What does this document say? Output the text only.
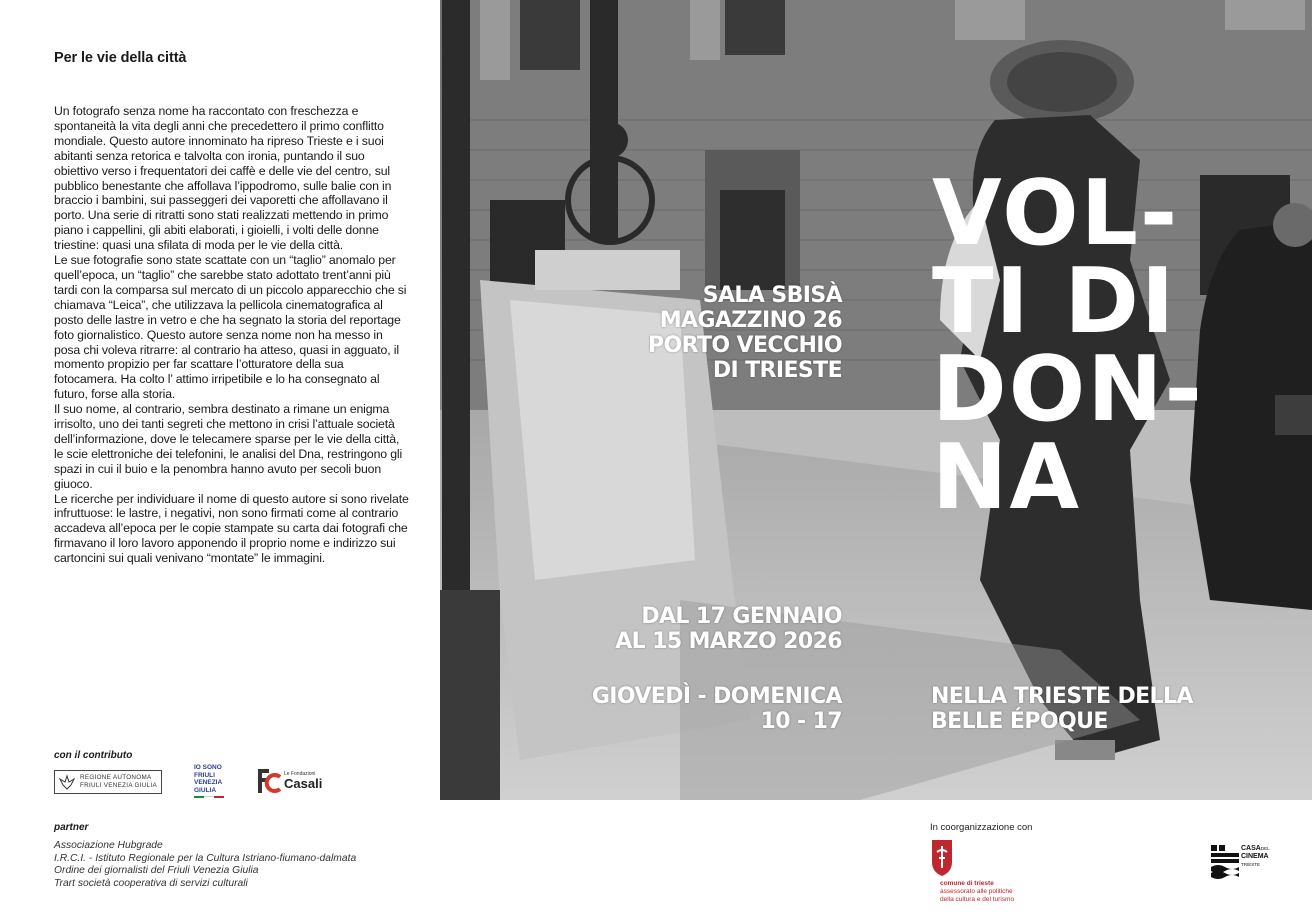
Per le vie della città

Un fotografo senza nome ha raccontato con freschezza e spontaneità la vita degli anni che precedettero il primo conflitto mondiale. Questo autore innominato ha ripreso Trieste e i suoi abitanti senza retorica e talvolta con ironia, puntando il suo obiettivo verso i frequentatori dei caffè e delle vie del centro, sul pubblico benestante che affollava l’ippodromo, sulle balie con in braccio i bambini, sui passeggeri dei vaporetti che affollavano il porto. Una serie di ritratti sono stati realizzati mettendo in primo piano i cappellini, gli abiti elaborati, i gioielli, i volti delle donne triestine: quasi una sfilata di moda per le vie della città.

Le sue fotografie sono state scattate con un “taglio” anomalo per quell’epoca, un “taglio” che sarebbe stato adottato trent’anni più tardi con la comparsa sul mercato di un piccolo apparecchio che si chiamava “Leica”, che utilizzava la pellicola cinematografica al posto delle lastre in vetro e che ha segnato la storia del reportage foto giornalistico. Questo autore senza nome non ha messo in posa chi voleva ritrarre: al contrario ha atteso, quasi in agguato, il momento propizio per far scattare l’otturatore della sua fotocamera. Ha colto l’ attimo irripetibile e lo ha consegnato al futuro, forse alla storia.

Il suo nome, al contrario, sembra destinato a rimane un enigma irrisolto, uno dei tanti segreti che mettono in crisi l’attuale società dell’informazione, dove le telecamere sparse per le vie della città, le scie elettroniche dei telefonini, le analisi del Dna, restringono gli spazi in cui il buio e la penombra hanno avuto per secoli buon giuoco.

Le ricerche per individuare il nome di questo autore si sono rivelate infruttuose: le lastre, i negativi, non sono firmati come al contrario accadeva all’epoca per le copie stampate su carta dai fotografi che firmavano il loro lavoro apponendo il proprio nome e indirizzo sui cartoncini sui quali venivano “montate” le immagini.

con il contributo
REGIONE AUTONOMA
FRIULI VENEZIA GIULIA
IO SONO
FRIULI
VENEZIA
GIULIA
Le Fondazioni
Casali
partner
Associazione Hubgrade
I.R.C.I. - Istituto Regionale per la Cultura Istriano-fiumano-dalmata
Ordine dei giornalisti del Friuli Venezia Giulia
Trart società cooperativa di servizi culturali
SALA SBISÀ
MAGAZZINO 26
PORTO VECCHIO
DI TRIESTE
VOL-
TI DI
DON-
NA
DAL 17 GENNAIO
AL 15 MARZO 2026
GIOVEDÌ - DOMENICA
10 - 17
NELLA TRIESTE DELLA
BELLE ÉPOQUE
In coorganizzazione con
comune di trieste
assessorato alle politiche
della cultura e del turismo
CASADEL
CINEMA
TRIESTE
